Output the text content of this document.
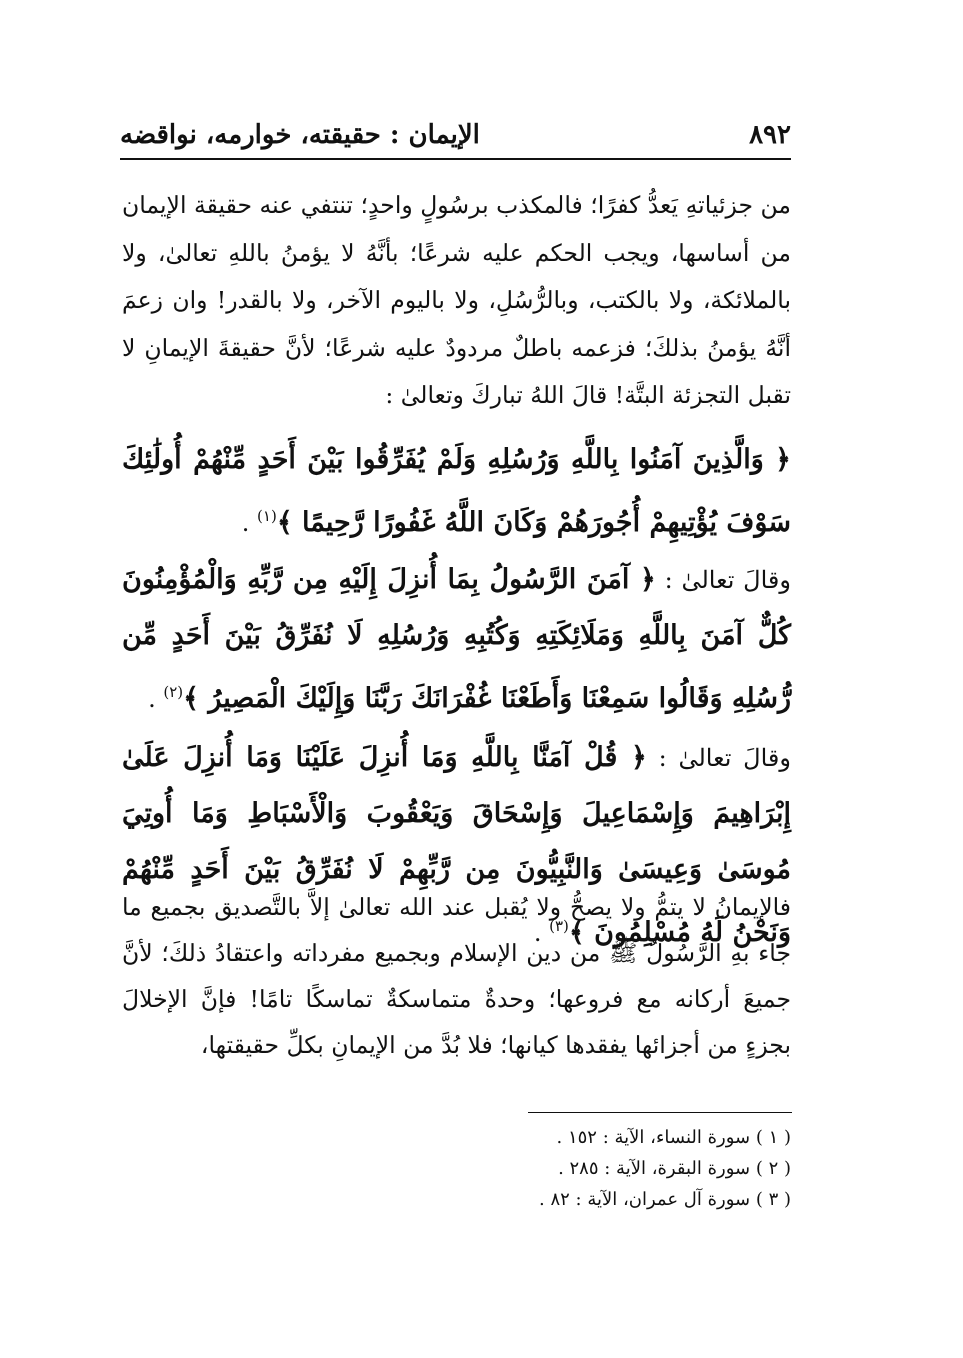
٨٩٢
الإيمان : حقيقته، خوارمه، نواقضه

من جزئياتهِ يَعدُّ كفرًا؛ فالمكذب برسُولٍ واحدٍ؛ تنتفي عنه حقيقة الإيمان من أساسها، ويجب الحكم عليه شرعًا؛ بأنَّهُ لا يؤمنُ باللهِ تعالىٰ، ولا بالملائكة، ولا بالكتب، وبالرُّسُلِ، ولا باليوم الآخر، ولا بالقدر! وان زعمَ أنَّهُ يؤمنُ بذلكَ؛ فزعمه باطلٌ مردودٌ عليه شرعًا؛ لأنَّ حقيقةَ الإيمانِ لا تقبل التجزئة البتَّة! قالَ اللهُ تباركَ وتعالىٰ :

﴿ وَالَّذِينَ آمَنُوا بِاللَّهِ وَرُسُلِهِ وَلَمْ يُفَرِّقُوا بَيْنَ أَحَدٍ مِّنْهُمْ أُولَٰئِكَ سَوْفَ يُؤْتِيهِمْ أُجُورَهُمْ وَكَانَ اللَّهُ غَفُورًا رَّحِيمًا ﴾$^{(١)}$ .
وقالَ تعالىٰ : ﴿ آمَنَ الرَّسُولُ بِمَا أُنزِلَ إِلَيْهِ مِن رَّبِّهِ وَالْمُؤْمِنُونَ كُلٌّ آمَنَ بِاللَّهِ وَمَلَائِكَتِهِ وَكُتُبِهِ وَرُسُلِهِ لَا نُفَرِّقُ بَيْنَ أَحَدٍ مِّن رُّسُلِهِ وَقَالُوا سَمِعْنَا وَأَطَعْنَا غُفْرَانَكَ رَبَّنَا وَإِلَيْكَ الْمَصِيرُ ﴾$^{(٢)}$ .
وقالَ تعالىٰ : ﴿ قُلْ آمَنَّا بِاللَّهِ وَمَا أُنزِلَ عَلَيْنَا وَمَا أُنزِلَ عَلَىٰ إِبْرَاهِيمَ وَإِسْمَاعِيلَ وَإِسْحَاقَ وَيَعْقُوبَ وَالْأَسْبَاطِ وَمَا أُوتِيَ مُوسَىٰ وَعِيسَىٰ وَالنَّبِيُّونَ مِن رَّبِّهِمْ لَا نُفَرِّقُ بَيْنَ أَحَدٍ مِّنْهُمْ وَنَحْنُ لَهُ مُسْلِمُونَ ﴾$^{(٣)}$ .
فالإيمانُ لا يتمُّ ولا يصحُّ ولا يُقبل عند الله تعالىٰ إلاَّ بالتَّصديق بجميع ما جاء بهِ الرَّسُولُ ﷺ من دين الإسلام وبجميع مفرداته واعتقادُ ذلكَ؛ لأنَّ جميعَ أركانه مع فروعها؛ وحدةٌ متماسكةٌ تماسكًا تامًا! فإنَّ الإخلالَ بجزءٍ من أجزائها يفقدها كيانها؛ فلا بُدَّ من الإيمانِ بكلِّ حقيقتها،
( ١ ) سورة النساء، الآية : ١٥٢ .
( ٢ ) سورة البقرة، الآية : ٢٨٥ .
( ٣ ) سورة آل عمران، الآية : ٨٢ .
